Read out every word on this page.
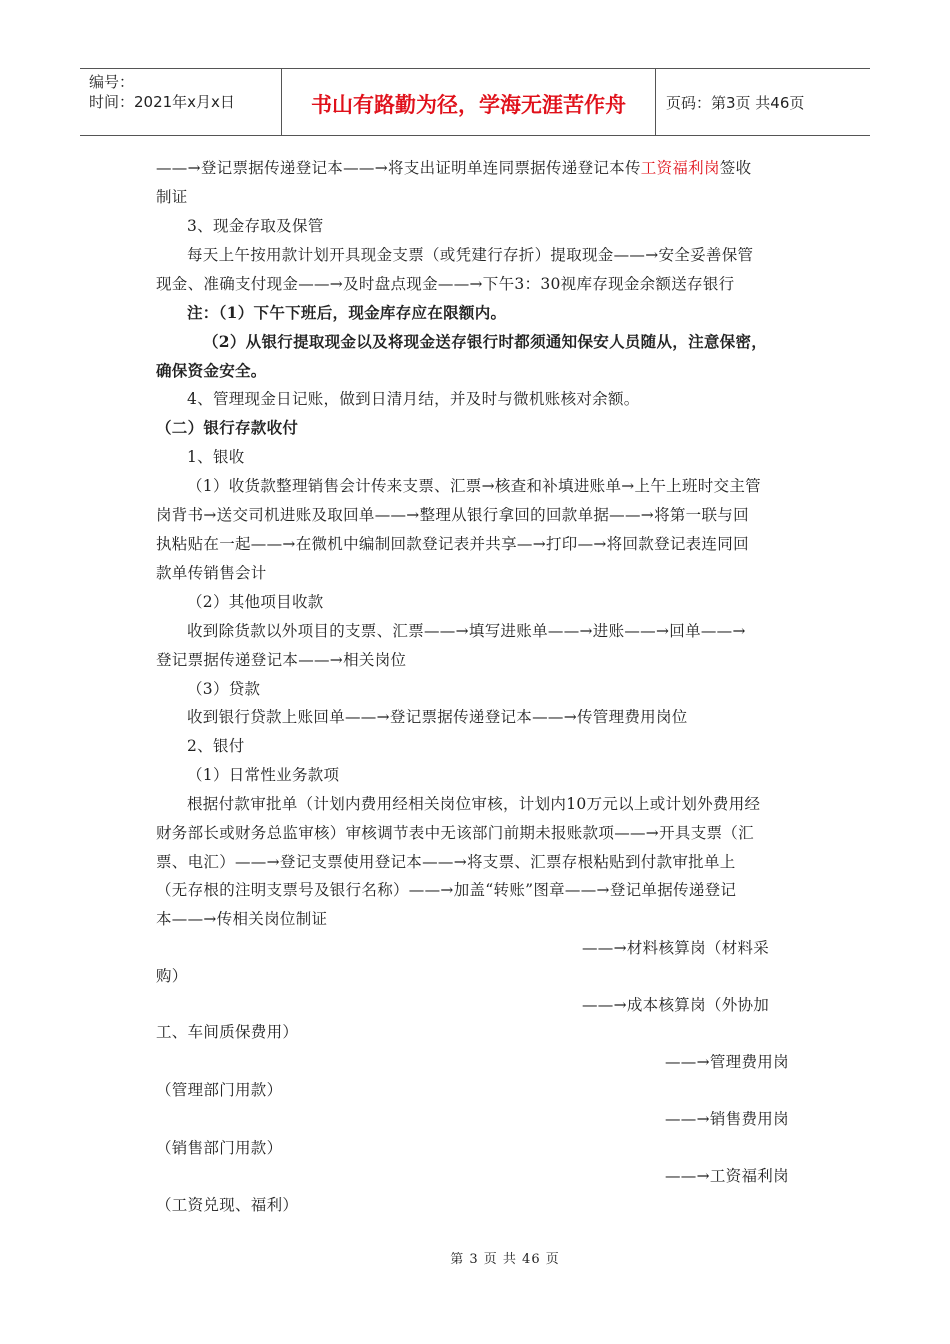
编号：
时间：2021年x月x日	书山有路勤为径，学海无涯苦作舟	页码：第3页 共46页
——→登记票据传递登记本——→将支出证明单连同票据传递登记本传工资福利岗签收
制证
3、现金存取及保管
每天上午按用款计划开具现金支票（或凭建行存折）提取现金——→安全妥善保管
现金、准确支付现金——→及时盘点现金——→下午3：30视库存现金余额送存银行
注：（1）下午下班后，现金库存应在限额内。
（2）从银行提取现金以及将现金送存银行时都须通知保安人员随从，注意保密，
确保资金安全。
4、管理现金日记账，做到日清月结，并及时与微机账核对余额。
（二）银行存款收付
1、银收
（1）收货款整理销售会计传来支票、汇票→核查和补填进账单→上午上班时交主管
岗背书→送交司机进账及取回单——→整理从银行拿回的回款单据——→将第一联与回
执粘贴在一起——→在微机中编制回款登记表并共享—→打印—→将回款登记表连同回
款单传销售会计
（2）其他项目收款
收到除货款以外项目的支票、汇票——→填写进账单——→进账——→回单——→
登记票据传递登记本——→相关岗位
（3）贷款
收到银行贷款上账回单——→登记票据传递登记本——→传管理费用岗位
2、银付
（1）日常性业务款项
根据付款审批单（计划内费用经相关岗位审核，计划内10万元以上或计划外费用经
财务部长或财务总监审核）审核调节表中无该部门前期未报账款项——→开具支票（汇
票、电汇）——→登记支票使用登记本——→将支票、汇票存根粘贴到付款审批单上
（无存根的注明支票号及银行名称）——→加盖“转账”图章——→登记单据传递登记
本——→传相关岗位制证
——→材料核算岗（材料采
购）
——→成本核算岗（外协加
工、车间质保费用）
——→管理费用岗
（管理部门用款）
——→销售费用岗
（销售部门用款）
——→工资福利岗
（工资兑现、福利）
第 3 页 共 46 页
